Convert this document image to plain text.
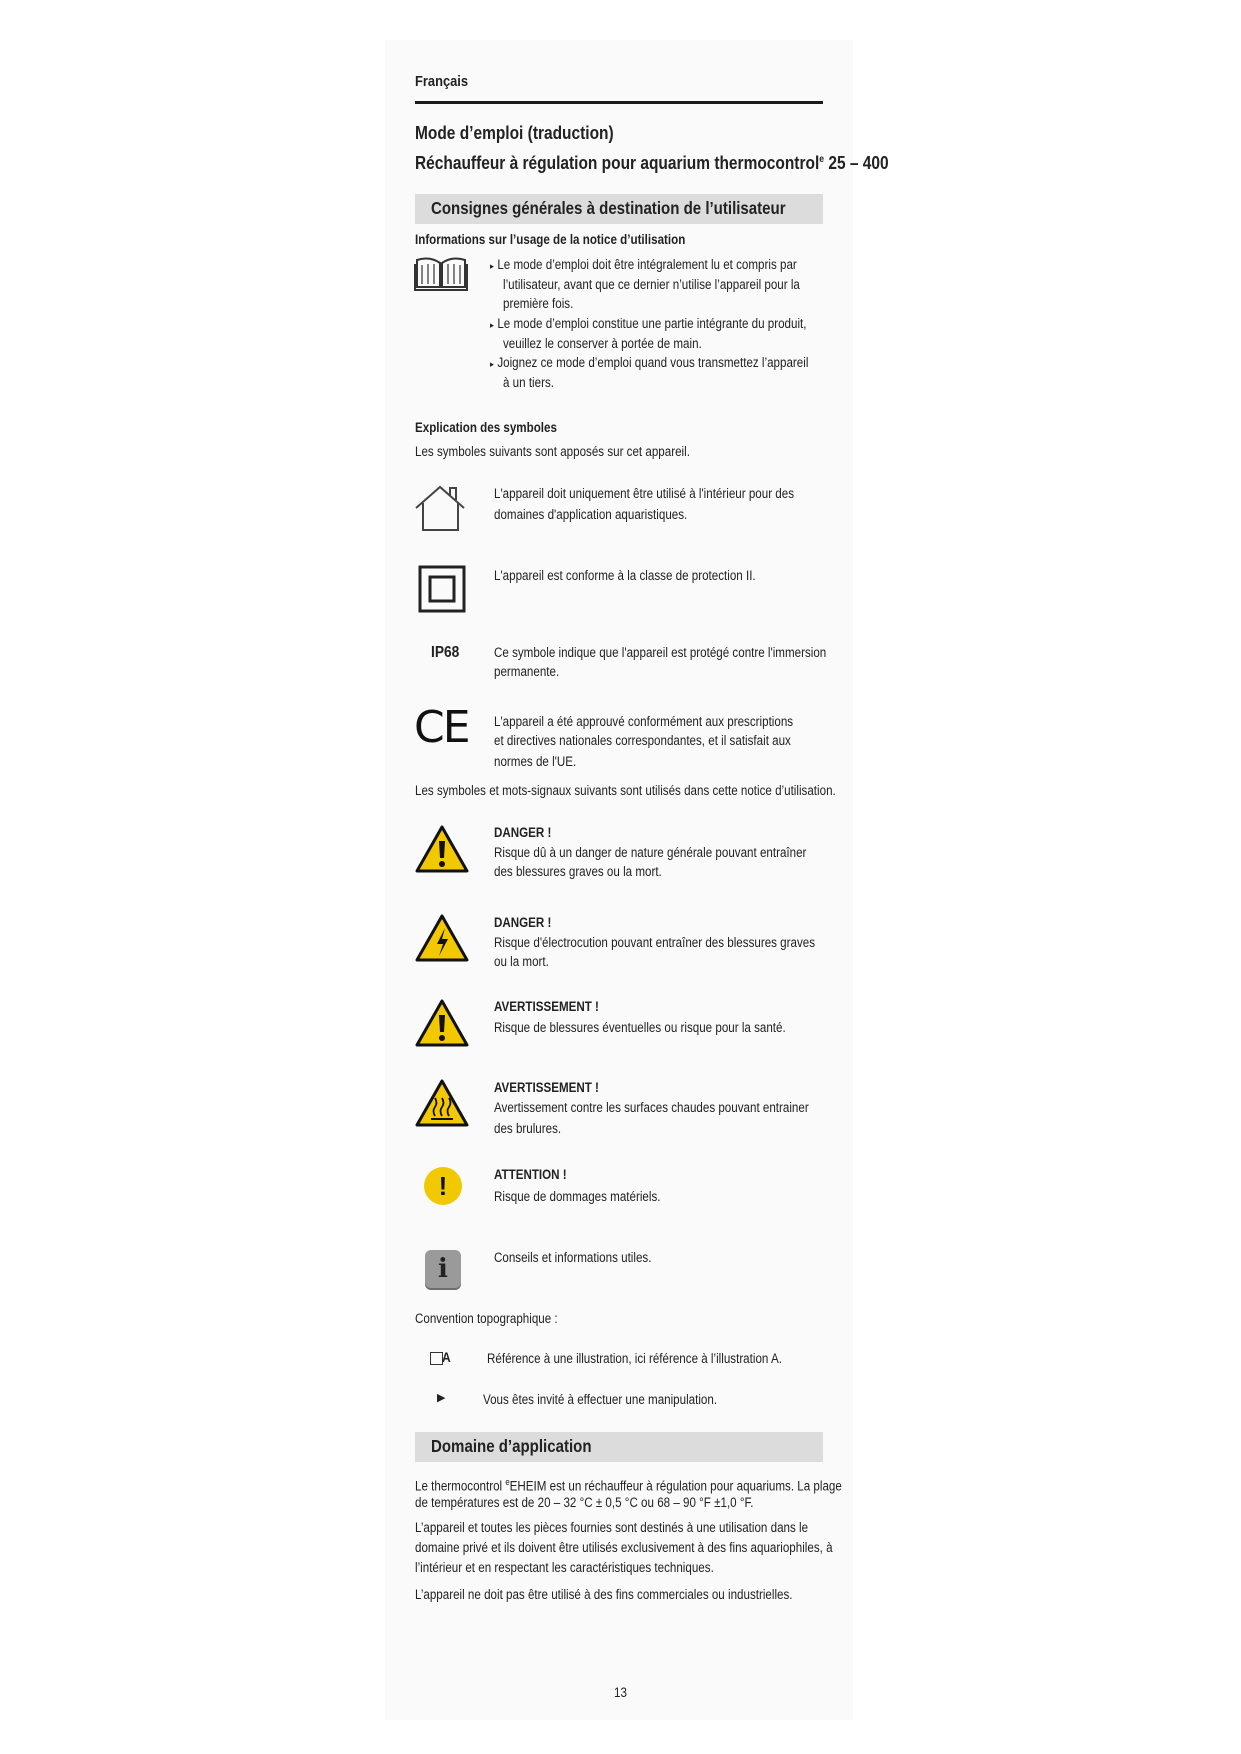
Français
Mode d’emploi (traduction)
Réchauffeur à régulation pour aquarium thermocontrol$^e$ 25 – 400
Consignes générales à destination de l’utilisateur
Informations sur l’usage de la notice d’utilisation
▸ Le mode d’emploi doit être intégralement lu et compris par
l’utilisateur, avant que ce dernier n’utilise l’appareil pour la
première fois.
▸ Le mode d’emploi constitue une partie intégrante du produit,
veuillez le conserver à portée de main.
▸ Joignez ce mode d’emploi quand vous transmettez l’appareil
à un tiers.
Explication des symboles
Les symboles suivants sont apposés sur cet appareil.
L'appareil doit uniquement être utilisé à l'intérieur pour des
domaines d'application aquaristiques.
L'appareil est conforme à la classe de protection II.
IP68	Ce symbole indique que l'appareil est protégé contre l'immersion
permanente.
CE L'appareil a été approuvé conformément aux prescriptions
et directives nationales correspondantes, et il satisfait aux
normes de l'UE.
Les symboles et mots-signaux suivants sont utilisés dans cette notice d’utilisation.
DANGER !
Risque dû à un danger de nature générale pouvant entraîner
des blessures graves ou la mort.
DANGER !
Risque d'électrocution pouvant entraîner des blessures graves
ou la mort.
AVERTISSEMENT !
Risque de blessures éventuelles ou risque pour la santé.
AVERTISSEMENT !
Avertissement contre les surfaces chaudes pouvant entrainer
des brulures.
!	ATTENTION !
Risque de dommages matériels.
i	Conseils et informations utiles.
Convention topographique :
A	Référence à une illustration, ici référence à l’illustration A.
▶	Vous êtes invité à effectuer une manipulation.
Domaine d’application
Le thermocontrol $^e$EHEIM est un réchauffeur à régulation pour aquariums. La plage
de températures est de 20 – 32 °C ± 0,5 °C ou 68 – 90 °F ±1,0 °F.
L’appareil et toutes les pièces fournies sont destinés à une utilisation dans le
domaine privé et ils doivent être utilisés exclusivement à des fins aquariophiles, à
l’intérieur et en respectant les caractéristiques techniques.
L’appareil ne doit pas être utilisé à des fins commerciales ou industrielles.
13
